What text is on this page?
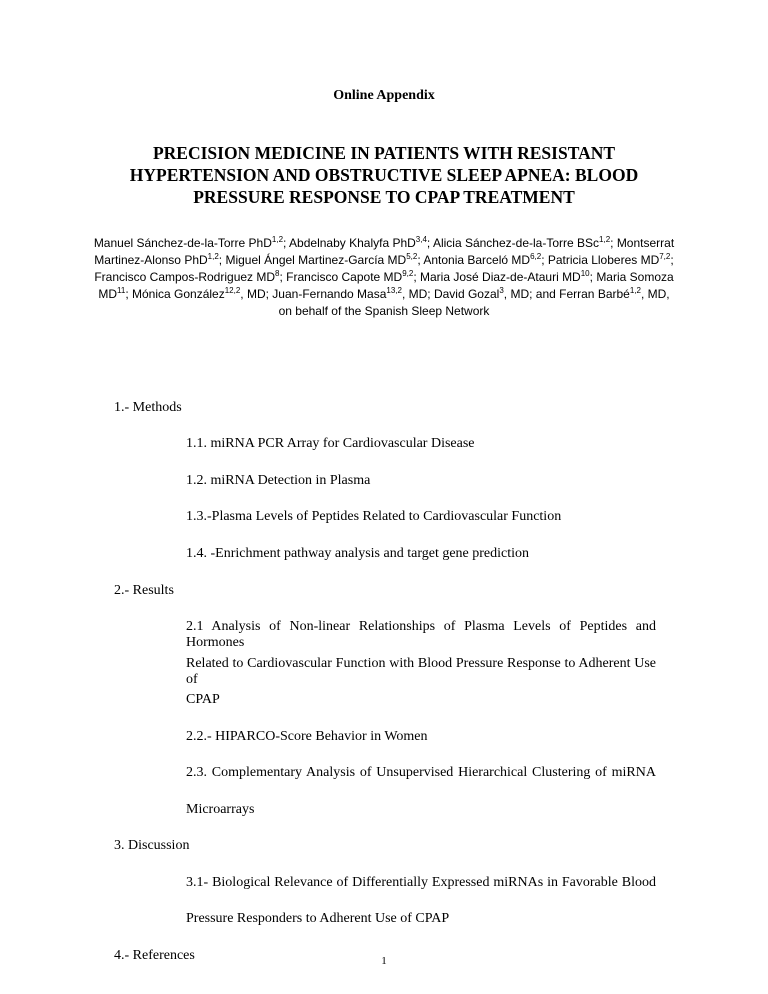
Online Appendix
PRECISION MEDICINE IN PATIENTS WITH RESISTANT
HYPERTENSION AND OBSTRUCTIVE SLEEP APNEA: BLOOD
PRESSURE RESPONSE TO CPAP TREATMENT

Manuel Sánchez-de-la-Torre PhD$^{1,2}$; Abdelnaby Khalyfa PhD$^{3,4}$; Alicia Sánchez-de-la-Torre BSc$^{1,2}$; Montserrat Martinez-Alonso PhD$^{1,2}$; Miguel Ángel Martinez-García MD$^{5,2}$; Antonia Barceló MD$^{6,2}$; Patricia Lloberes MD$^{7,2}$; Francisco Campos-Rodriguez $MD^8$; Francisco Capote MD$^{9,2}$; Maria José Diaz-de-Atauri MD$^{10}$; Maria Somoza MD$^{11}$; Mónica González$^{12,2}$, MD; Juan-Fernando Masa$^{13,2}$, MD; David Gozal$^3$, MD; and Ferran Barbé$^{1,2}$, MD, on behalf of the Spanish Sleep Network

1.- Methods
1.1. miRNA PCR Array for Cardiovascular Disease
1.2. miRNA Detection in Plasma
1.3.-Plasma Levels of Peptides Related to Cardiovascular Function
1.4. -Enrichment pathway analysis and target gene prediction
2.- Results
2.1 Analysis of Non-linear Relationships of Plasma Levels of Peptides and Hormones
Related to Cardiovascular Function with Blood Pressure Response to Adherent Use of
CPAP
2.2.- HIPARCO-Score Behavior in Women
2.3. Complementary Analysis of Unsupervised Hierarchical Clustering of miRNA
Microarrays
3. Discussion
3.1- Biological Relevance of Differentially Expressed miRNAs in Favorable Blood
Pressure Responders to Adherent Use of CPAP
4.- References	1
